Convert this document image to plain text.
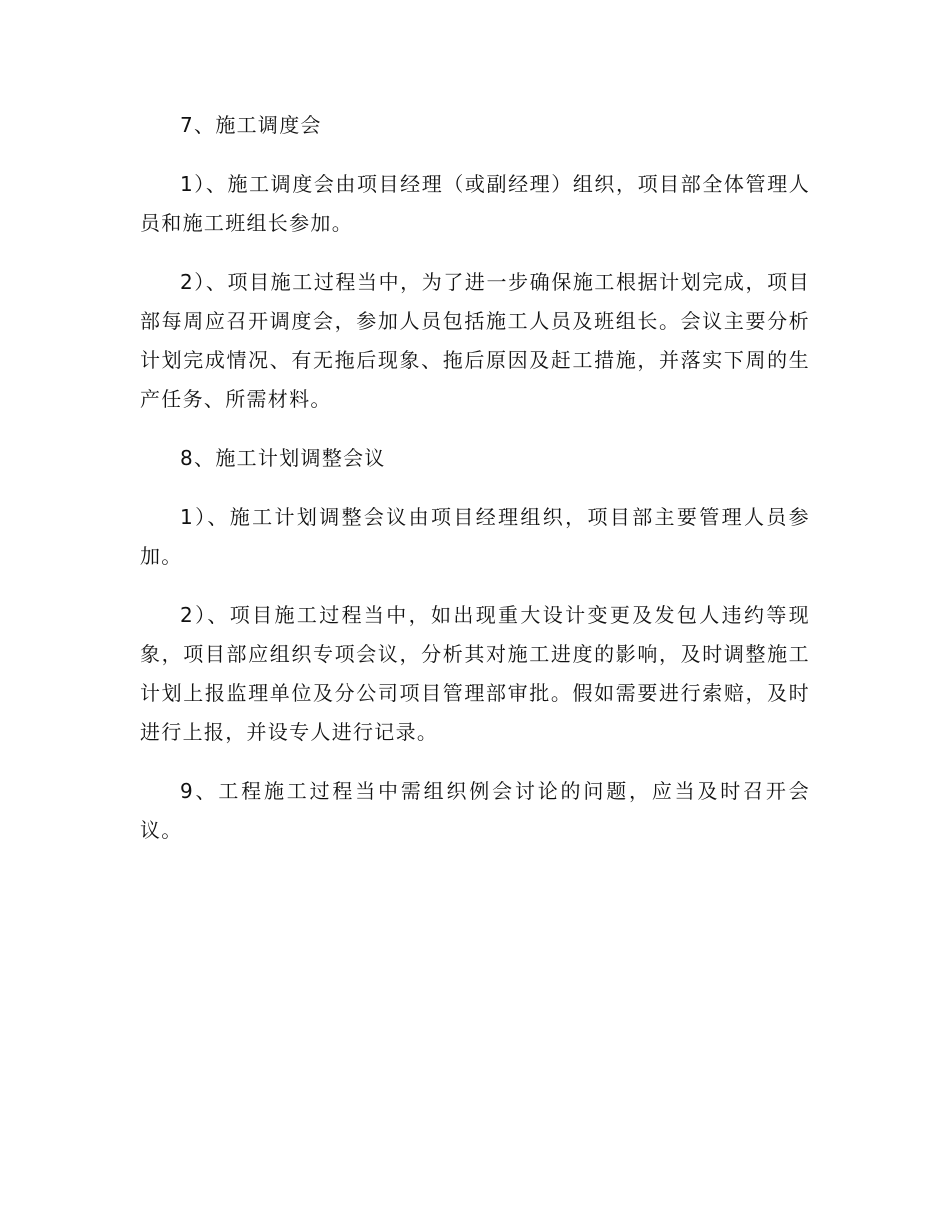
7、施工调度会

1）、施工调度会由项目经理（或副经理）组织，项目部全体管理人员和施工班组长参加。

2）、项目施工过程当中，为了进一步确保施工根据计划完成，项目部每周应召开调度会，参加人员包括施工人员及班组长。会议主要分析计划完成情况、有无拖后现象、拖后原因及赶工措施，并落实下周的生产任务、所需材料。

8、施工计划调整会议

1）、施工计划调整会议由项目经理组织，项目部主要管理人员参加。

2）、项目施工过程当中，如出现重大设计变更及发包人违约等现象，项目部应组织专项会议，分析其对施工进度的影响，及时调整施工计划上报监理单位及分公司项目管理部审批。假如需要进行索赔，及时进行上报，并设专人进行记录。

9、工程施工过程当中需组织例会讨论的问题，应当及时召开会议。
